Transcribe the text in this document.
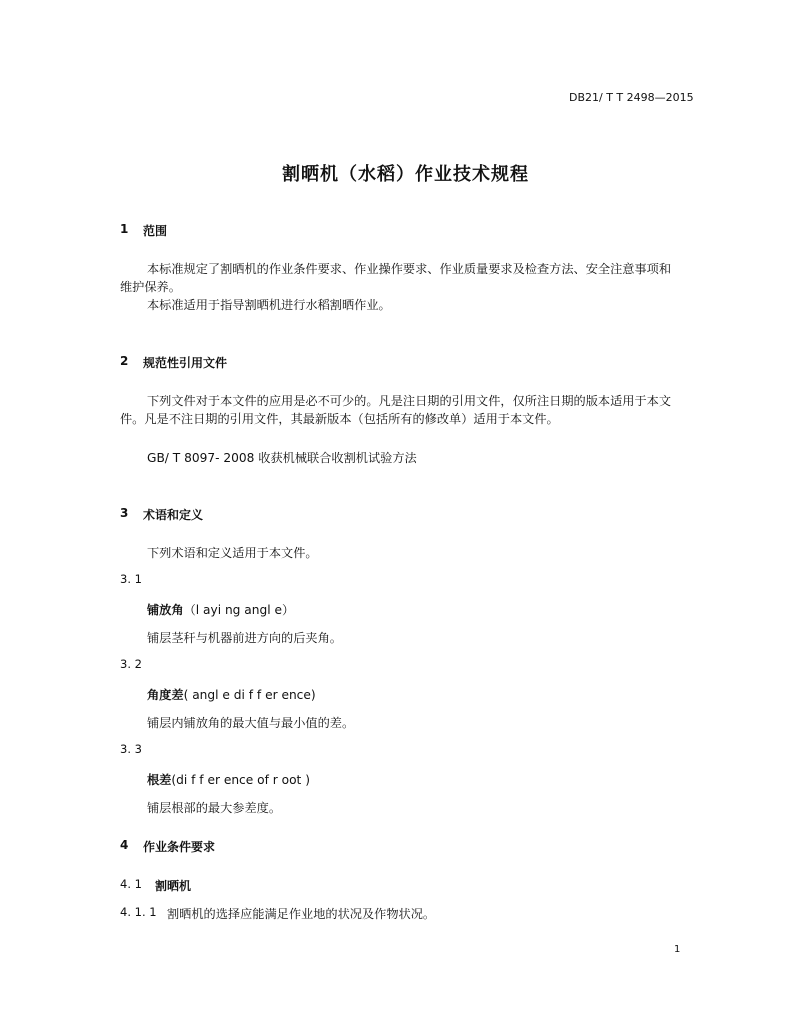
DB21/ T T 2498—2015
割晒机（水稻）作业技术规程
1 范围
本标准规定了割晒机的作业条件要求、作业操作要求、作业质量要求及检查方法、安全注意事项和
维护保养。
本标准适用于指导割晒机进行水稻割晒作业。
2 规范性引用文件
下列文件对于本文件的应用是必不可少的。凡是注日期的引用文件，仅所注日期的版本适用于本文
件。凡是不注日期的引用文件，其最新版本（包括所有的修改单）适用于本文件。
GB/ T 8097- 2008 收获机械联合收割机试验方法
3 术语和定义
下列术语和定义适用于本文件。
3. 1
铺放角（l ayi ng angl e）
铺层茎秆与机器前进方向的后夹角。
3. 2
角度差( angl e di f f er ence)
铺层内铺放角的最大值与最小值的差。
3. 3
根差(di f f er ence of r oot )
铺层根部的最大参差度。
4 作业条件要求
4. 1 割晒机
4. 1. 1 割晒机的选择应能满足作业地的状况及作物状况。
1
